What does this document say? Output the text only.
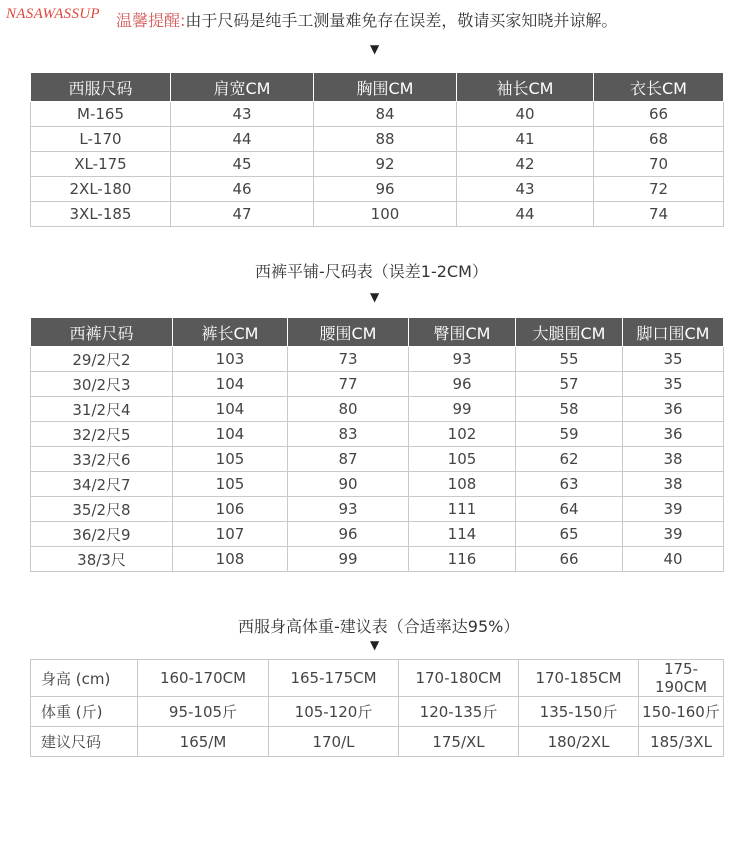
NASAWASSUP 温馨提醒:由于尺码是纯手工测量难免存在误差，敬请买家知晓并谅解。
▼
西服尺码	肩宽CM	胸围CM	袖长CM	衣长CM
M-165	43	84	40	66
L-170	44	88	41	68
XL-175	45	92	42	70
2XL-180	46	96	43	72
3XL-185	47	100	44	74
西裤平铺-尺码表（误差1-2CM）
▼
西裤尺码	裤长CM	腰围CM	臀围CM	大腿围CM	脚口围CM
29/2尺2	103	73	93	55	35
30/2尺3	104	77	96	57	35
31/2尺4	104	80	99	58	36
32/2尺5	104	83	102	59	36
33/2尺6	105	87	105	62	38
34/2尺7	105	90	108	63	38
35/2尺8	106	93	111	64	39
36/2尺9	107	96	114	65	39
38/3尺	108	99	116	66	40
西服身高体重-建议表（合适率达95%）
▼
身高 (cm)	160-170CM	165-175CM	170-180CM	170-185CM	175-190CM
体重 (斤)	95-105斤	105-120斤	120-135斤	135-150斤	150-160斤
建议尺码	165/M	170/L	175/XL	180/2XL	185/3XL
